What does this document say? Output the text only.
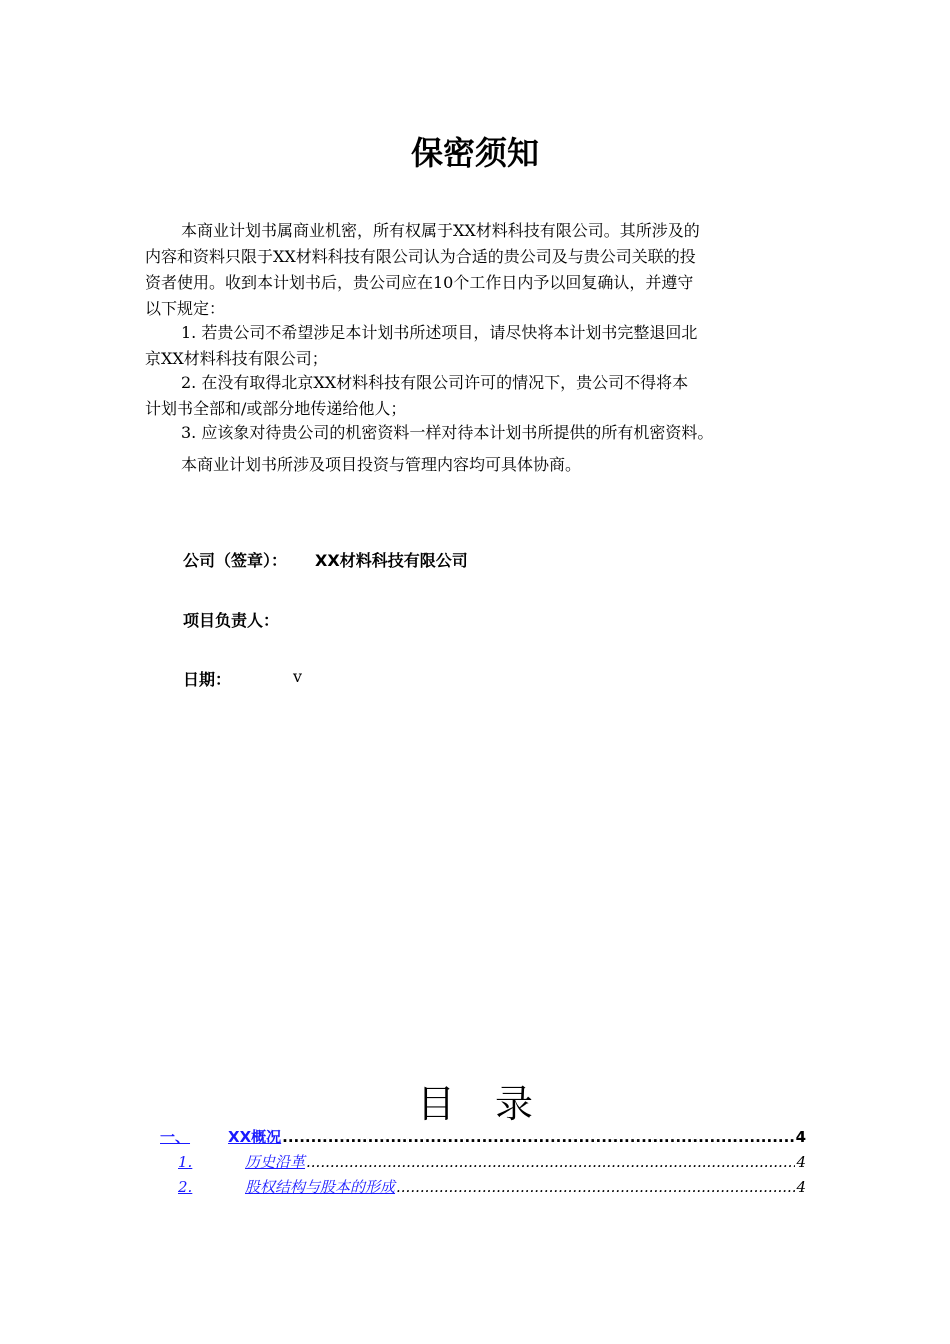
保密须知
本商业计划书属商业机密，所有权属于XX材料科技有限公司。其所涉及的
内容和资料只限于XX材料科技有限公司认为合适的贵公司及与贵公司关联的投
资者使用。收到本计划书后，贵公司应在10个工作日内予以回复确认，并遵守
以下规定：
1. 若贵公司不希望涉足本计划书所述项目，请尽快将本计划书完整退回北
京XX材料科技有限公司；
2. 在没有取得北京XX材料科技有限公司许可的情况下，贵公司不得将本
计划书全部和/或部分地传递给他人；
3. 应该象对待贵公司的机密资料一样对待本计划书所提供的所有机密资料。
本商业计划书所涉及项目投资与管理内容均可具体协商。
公司（签章）： XX材料科技有限公司
项目负责人：
日期：	v
目录
一、	XX概况 .....	4
1.	历史沿革 .....	4
2.	股权结构与股本的形成 .....	4
